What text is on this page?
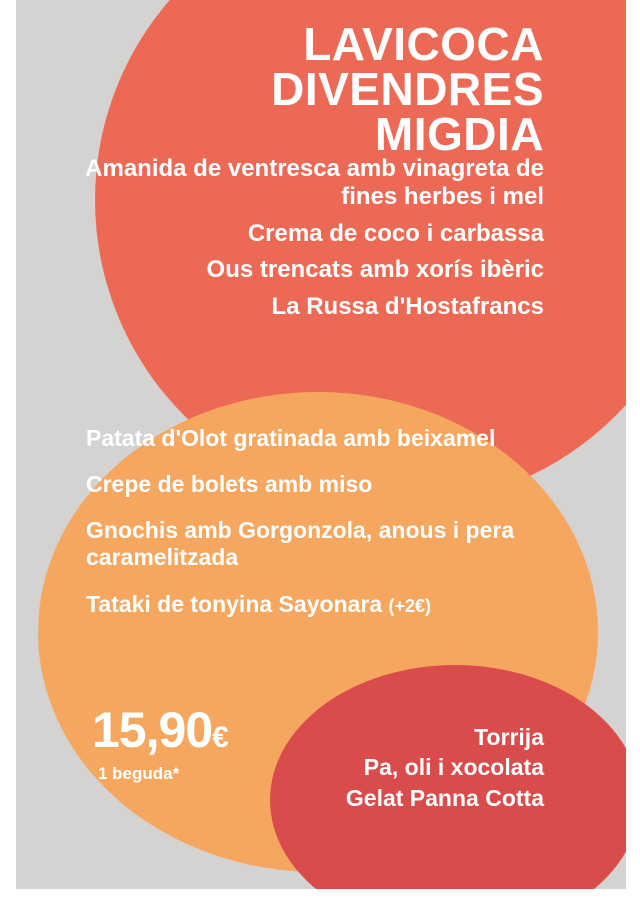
LAVICOCA
DIVENDRES
MIGDIA
Amanida de ventresca amb vinagreta de fines herbes i mel
Crema de coco i carbassa
Ous trencats amb xorís ibèric
La Russa d'Hostafrancs
Patata d'Olot gratinada amb beixamel
Crepe de bolets amb miso
Gnochis amb Gorgonzola, anous i pera caramelitzada
Tataki de tonyina Sayonara (+2€)
15,90€
1 beguda*
Torrija
Pa, oli i xocolata
Gelat Panna Cotta
